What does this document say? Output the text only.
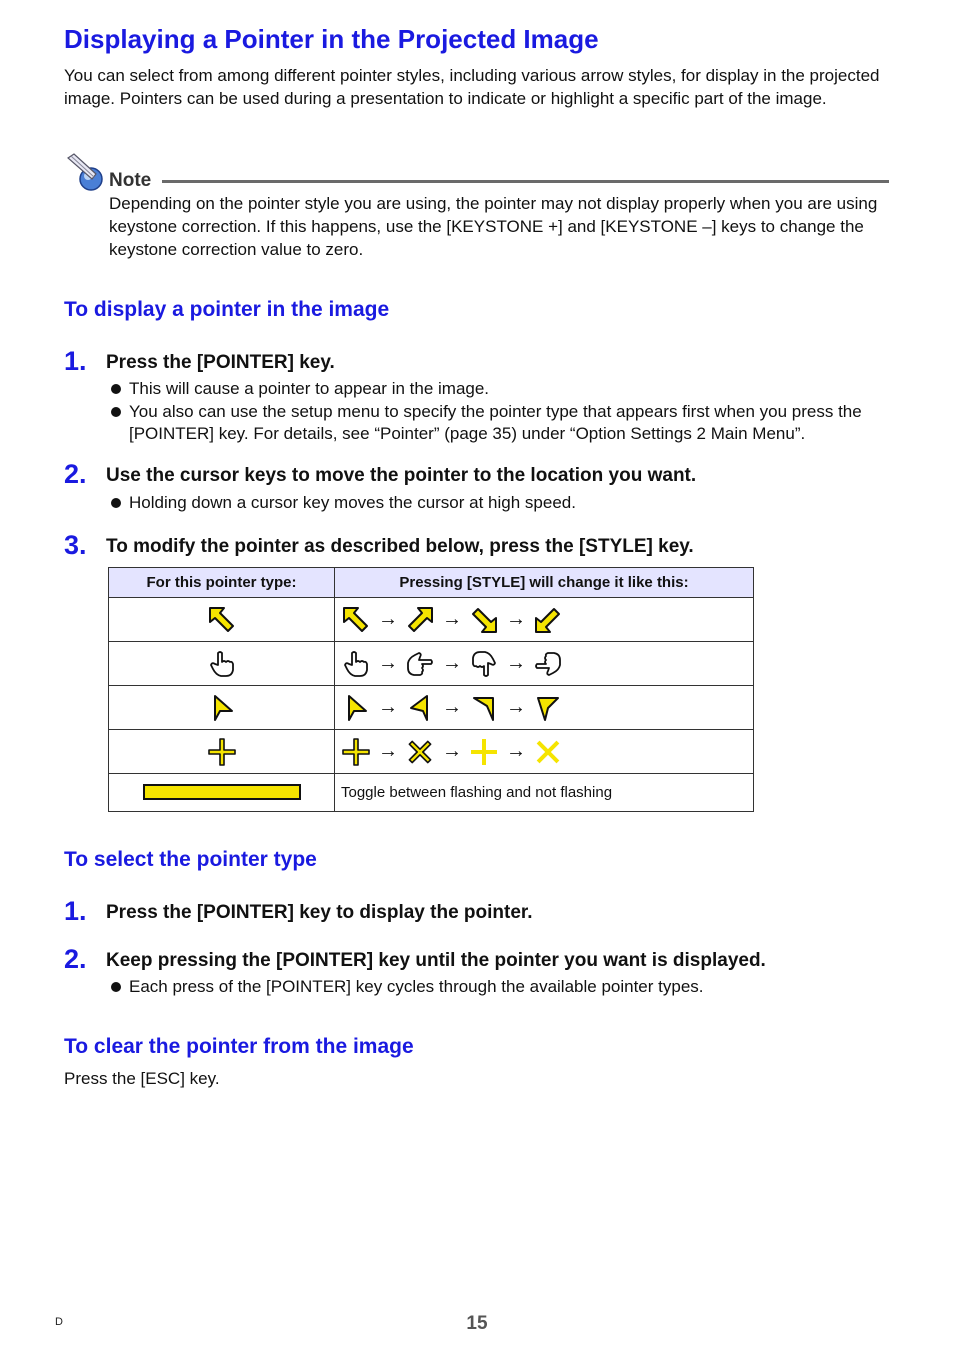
Displaying a Pointer in the Projected Image
You can select from among different pointer styles, including various arrow styles, for display in the projected image. Pointers can be used during a presentation to indicate or highlight a specific part of the image.
Note
Depending on the pointer style you are using, the pointer may not display properly when you are using keystone correction. If this happens, use the [KEYSTONE +] and [KEYSTONE –] keys to change the keystone correction value to zero.
To display a pointer in the image
1. Press the [POINTER] key.
This will cause a pointer to appear in the image.
You also can use the setup menu to specify the pointer type that appears first when you press the [POINTER] key. For details, see “Pointer” (page 35) under “Option Settings 2 Main Menu”.
2. Use the cursor keys to move the pointer to the location you want.
Holding down a cursor key moves the cursor at high speed.
3. To modify the pointer as described below, press the [STYLE] key.
For this pointer type:	Pressing [STYLE] will change it like this:

→ → →

→ → →

→ → →

→ → →

	Toggle between flashing and not flashing
To select the pointer type
1. Press the [POINTER] key to display the pointer.
2. Keep pressing the [POINTER] key until the pointer you want is displayed.
Each press of the [POINTER] key cycles through the available pointer types.
To clear the pointer from the image
Press the [ESC] key.
D	15
